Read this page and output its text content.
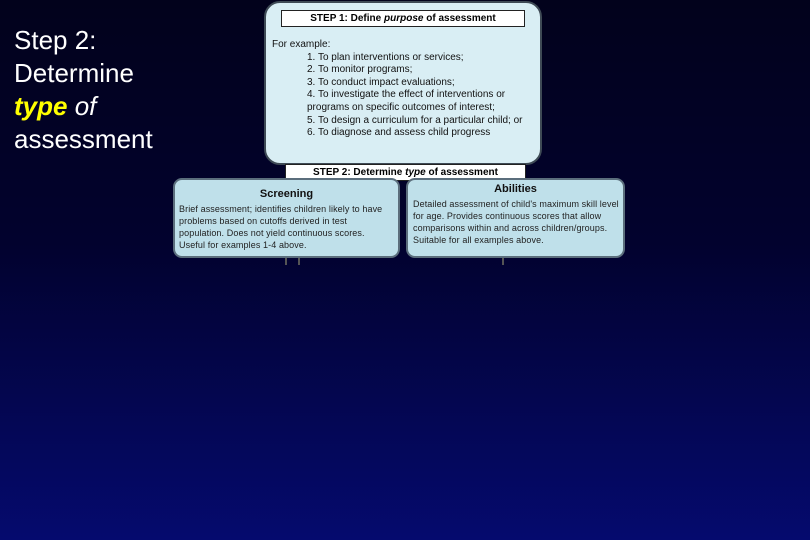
Step 2:
Determine
type of
assessment
STEP 1: Define purpose of assessment

For example:

1. To plan interventions or services;
2. To monitor programs;
3. To conduct impact evaluations;
4. To investigate the effect of interventions or programs on specific outcomes of interest;
5. To design a curriculum for a particular child; or
6. To diagnose and assess child progress
STEP 2: Determine type of assessment
Screening
Brief assessment; identifies children likely to have problems based on cutoffs derived in test population. Does not yield continuous scores. Useful for examples 1-4 above.
Abilities
Detailed assessment of child's maximum skill level for age. Provides continuous scores that allow comparisons within and across children/groups. Suitable for all examples above.
